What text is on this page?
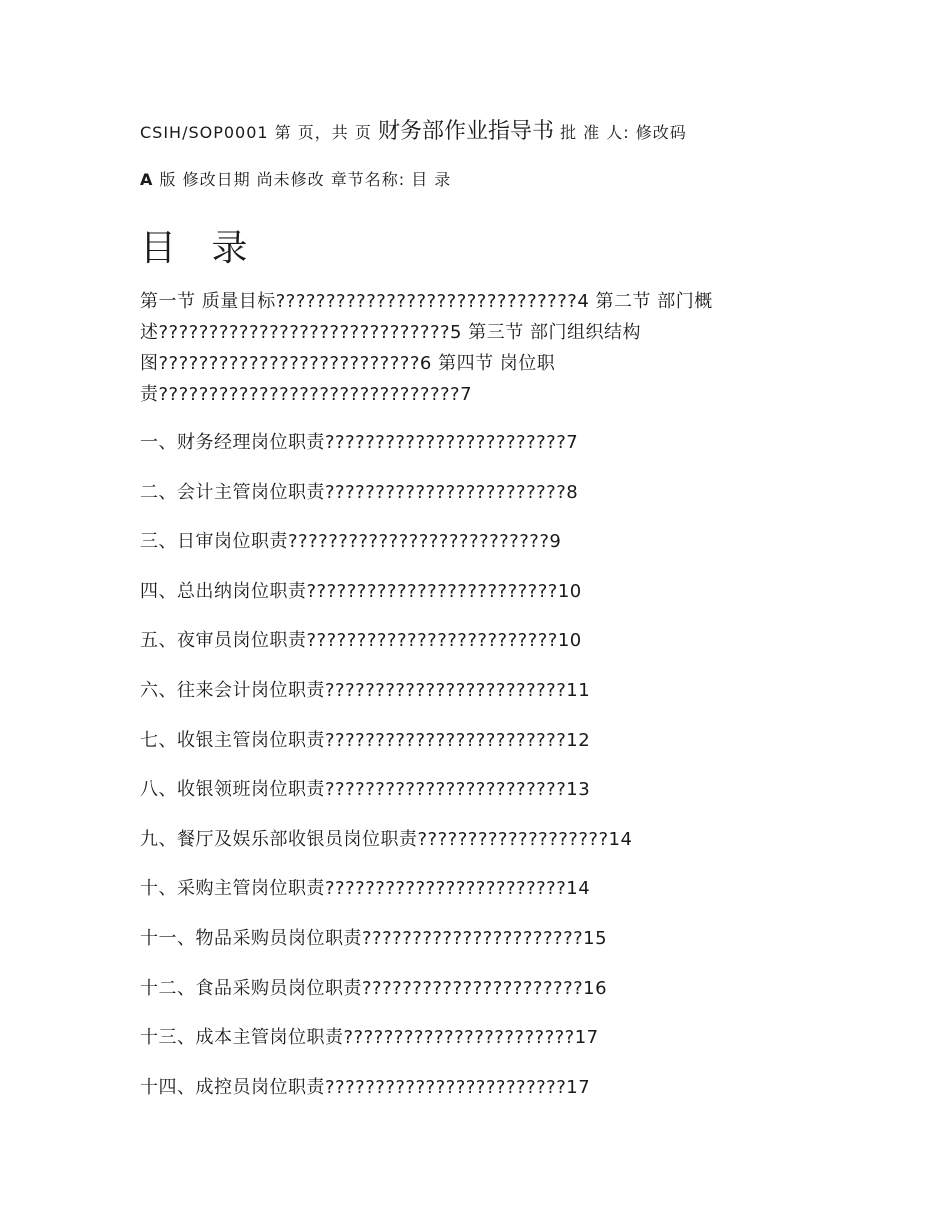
CSIH/SOP0001 第 页，共 页 财务部作业指导书 批 准 人: 修改码
A 版 修改日期 尚未修改 章节名称: 目 录
目 录
第一节 质量目标??????????????????????????????4 第二节 部门概述?????????????????????????????5 第三节 部门组织结构图??????????????????????????6 第四节 岗位职责??????????????????????????????7
一、财务经理岗位职责????????????????????????7
二、会计主管岗位职责????????????????????????8
三、日审岗位职责??????????????????????????9
四、总出纳岗位职责?????????????????????????10
五、夜审员岗位职责?????????????????????????10
六、往来会计岗位职责????????????????????????11
七、收银主管岗位职责????????????????????????12
八、收银领班岗位职责????????????????????????13
九、餐厅及娱乐部收银员岗位职责???????????????????14
十、采购主管岗位职责????????????????????????14
十一、物品采购员岗位职责??????????????????????15
十二、食品采购员岗位职责??????????????????????16
十三、成本主管岗位职责???????????????????????17
十四、成控员岗位职责????????????????????????17
